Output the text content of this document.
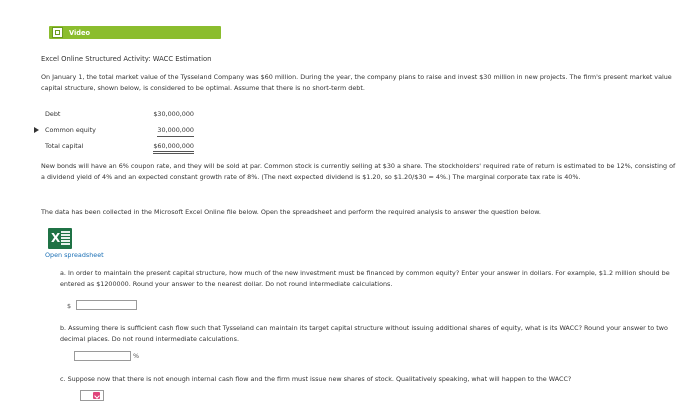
Video
Excel Online Structured Activity: WACC Estimation
On January 1, the total market value of the Tysseland Company was $60 million. During the year, the company plans to raise and invest $30 million in new projects. The firm's present market value capital structure, shown below, is considered to be optimal. Assume that there is no short-term debt.
Debt	$30,000,000
Common equity	30,000,000
Total capital	$60,000,000
New bonds will have an 6% coupon rate, and they will be sold at par. Common stock is currently selling at $30 a share. The stockholders' required rate of return is estimated to be 12%, consisting of a dividend yield of 4% and an expected constant growth rate of 8%. (The next expected dividend is $1.20, so $1.20/$30 = 4%.) The marginal corporate tax rate is 40%.
The data has been collected in the Microsoft Excel Online file below. Open the spreadsheet and perform the required analysis to answer the question below.
X
Open spreadsheet
a. In order to maintain the present capital structure, how much of the new investment must be financed by common equity? Enter your answer in dollars. For example, $1.2 million should be entered as $1200000. Round your answer to the nearest dollar. Do not round intermediate calculations.
$
b. Assuming there is sufficient cash flow such that Tysseland can maintain its target capital structure without issuing additional shares of equity, what is its WACC? Round your answer to two decimal places. Do not round intermediate calculations.
%
c. Suppose now that there is not enough internal cash flow and the firm must issue new shares of stock. Qualitatively speaking, what will happen to the WACC?
